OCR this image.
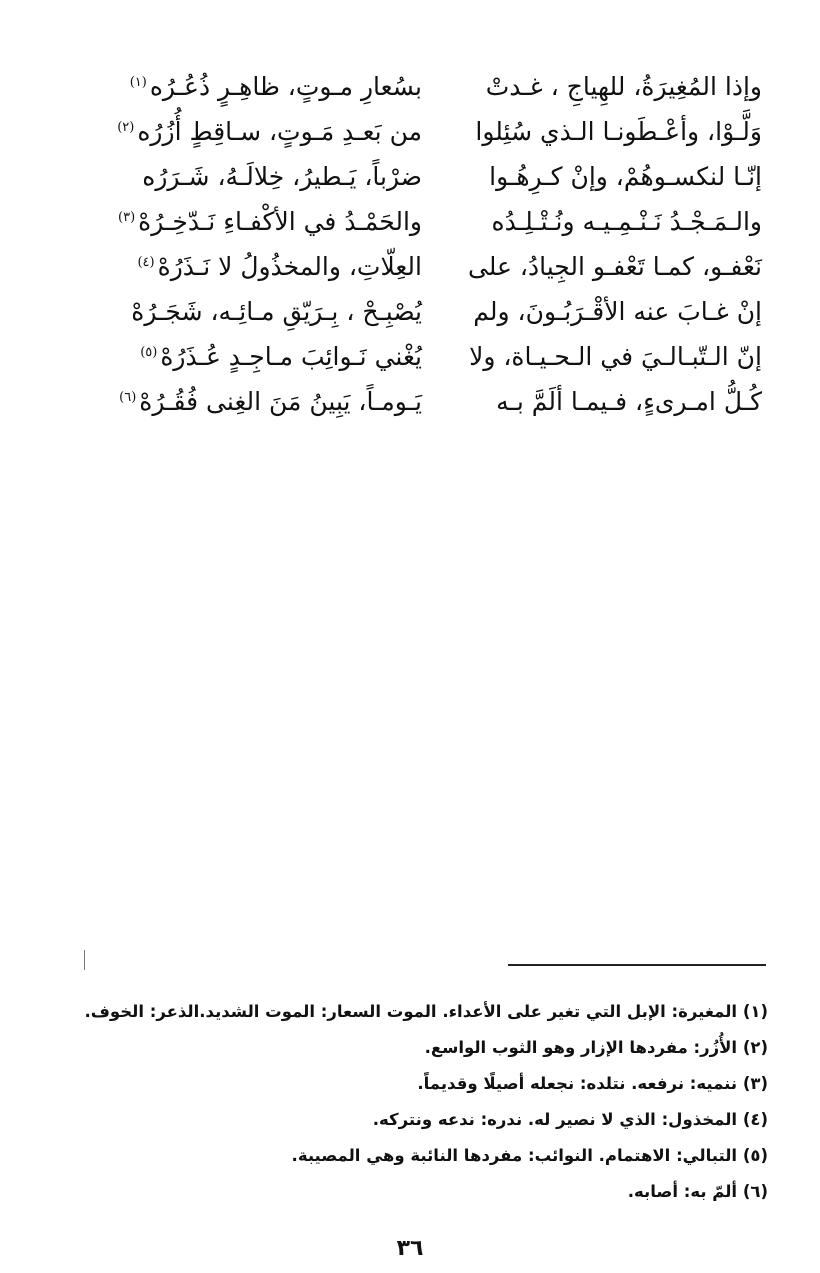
وإذا المُغِيرَةُ، للهِياجِ ، غـدتْ
بسُعارِ مـوتٍ، ظاهِـرٍ ذُعُـرُه$^{(١)}$
وَلَّـوْا، وأعْـطَونـا الـذي سُئِلوا
من بَعـدِ مَـوتٍ، سـاقِطٍ أُزُرُه$^{(٢)}$
إنّـا لنكسـوهُمْ، وإنْ كـرِهُـوا
ضرْباً، يَـطيرُ، خِلالَـهُ، شَـرَرُه
والـمَـجْـدُ نَـنْـمِـيـه ونُـتْـلِـدُه
والحَمْـدُ في الأكْفـاءِ نَـدّخِـرُهْ$^{(٣)}$
نَعْفـو، كمـا تَعْفـو الجِيادُ، على
العِلّاتِ، والمخذُولُ لا نَـذَرُهْ$^{(٤)}$
إنْ غـابَ عنه الأقْـرَبُـونَ، ولم
يُصْبِـحْ ، بِـرَيّقِ مـائِـه، شَجَـرُهْ
إنّ الـتّبـالـيَ في الـحـيـاة، ولا
يُغْني نَـوائِبَ مـاجِـدٍ عُـذَرُهْ$^{(٥)}$
كُـلُّ امـرىءٍ، فـيمـا ألَمَّ بـه
يَـومـاً، يَبِينُ مَنَ الغِنى فُقُـرُهْ$^{(٦)}$
(١) المغيرة: الإبل التي تغير على الأعداء. الموت السعار: الموت الشديد.الذعر: الخوف.
(٢) الأُزُر: مفردها الإزار وهو الثوب الواسع.
(٣) ننميه: نرفعه. نتلده: نجعله أصيلًا وقديماً.
(٤) المخذول: الذي لا نصير له. ندره: ندعه ونتركه.
(٥) التبالي: الاهتمام. النوائب: مفردها النائبة وهي المصيبة.
(٦) ألمّ به: أصابه.
٣٦
